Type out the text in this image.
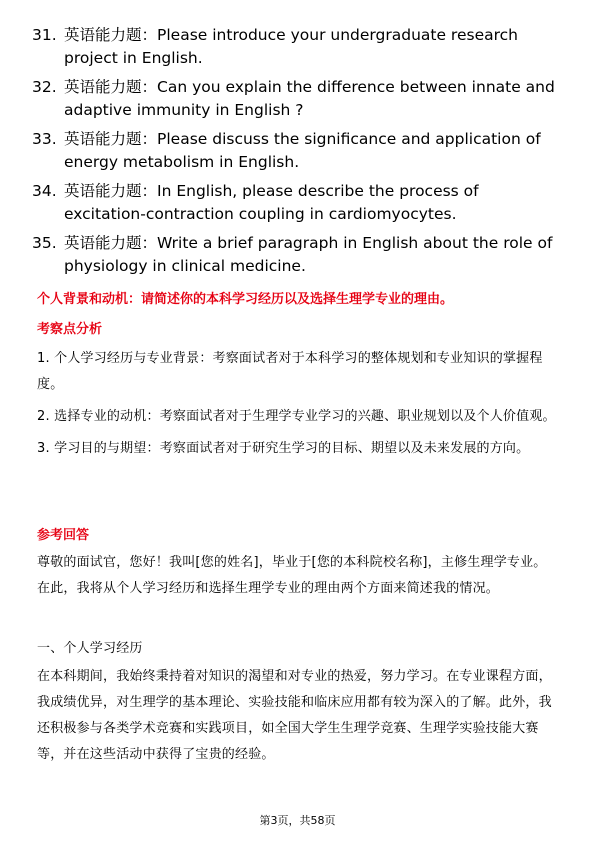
31. 英语能力题：Please introduce your undergraduate research project in English.
32. 英语能力题：Can you explain the difference between innate and adaptive immunity in English ?
33. 英语能力题：Please discuss the significance and application of energy metabolism in English.
34. 英语能力题：In English, please describe the process of excitation-contraction coupling in cardiomyocytes.
35. 英语能力题：Write a brief paragraph in English about the role of physiology in clinical medicine.
个人背景和动机：请简述你的本科学习经历以及选择生理学专业的理由。
考察点分析
1. 个人学习经历与专业背景：考察面试者对于本科学习的整体规划和专业知识的掌握程度。
2. 选择专业的动机：考察面试者对于生理学专业学习的兴趣、职业规划以及个人价值观。
3. 学习目的与期望：考察面试者对于研究生学习的目标、期望以及未来发展的方向。
参考回答
尊敬的面试官，您好！我叫[您的姓名]，毕业于[您的本科院校名称]，主修生理学专业。在此，我将从个人学习经历和选择生理学专业的理由两个方面来简述我的情况。
一、个人学习经历
在本科期间，我始终秉持着对知识的渴望和对专业的热爱，努力学习。在专业课程方面，我成绩优异，对生理学的基本理论、实验技能和临床应用都有较为深入的了解。此外，我还积极参与各类学术竞赛和实践项目，如全国大学生生理学竞赛、生理学实验技能大赛等，并在这些活动中获得了宝贵的经验。
第3页，共58页
